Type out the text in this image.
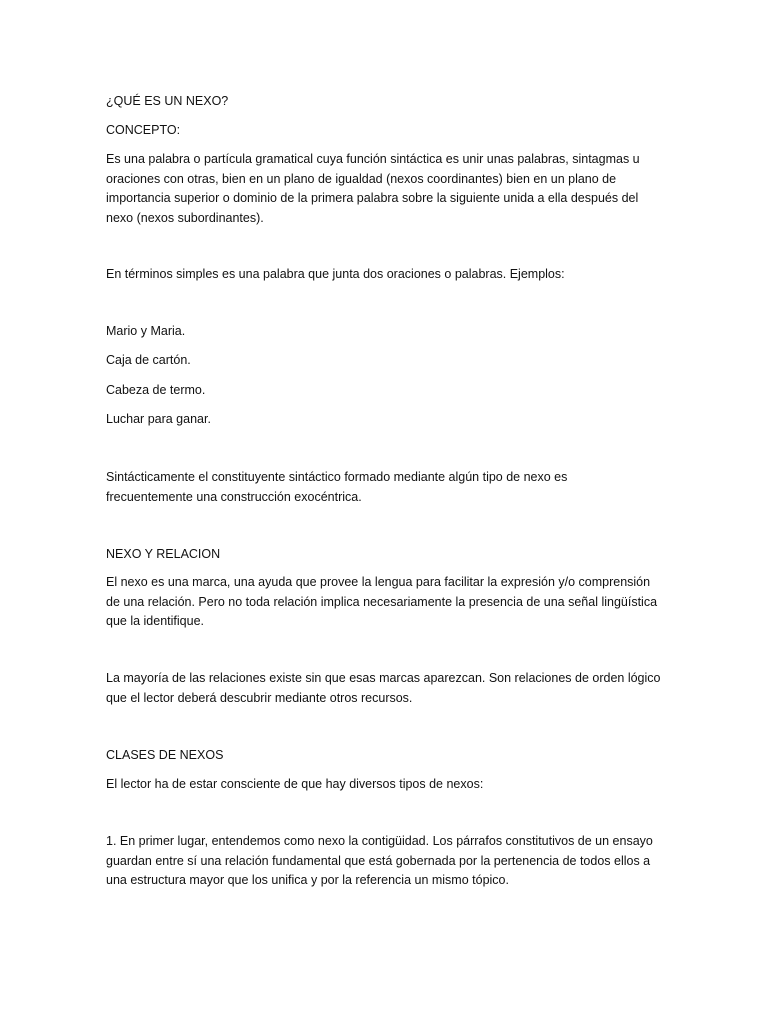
¿QUÉ ES UN NEXO?

CONCEPTO:

Es una palabra o partícula gramatical cuya función sintáctica es unir unas palabras, sintagmas u
oraciones con otras, bien en un plano de igualdad (nexos coordinantes) bien en un plano de
importancia superior o dominio de la primera palabra sobre la siguiente unida a ella después del
nexo (nexos subordinantes).

En términos simples es una palabra que junta dos oraciones o palabras. Ejemplos:

Mario y Maria.

Caja de cartón.

Cabeza de termo.

Luchar para ganar.

Sintácticamente el constituyente sintáctico formado mediante algún tipo de nexo es
frecuentemente una construcción exocéntrica.

NEXO Y RELACION

El nexo es una marca, una ayuda que provee la lengua para facilitar la expresión y/o comprensión
de una relación. Pero no toda relación implica necesariamente la presencia de una señal lingüística
que la identifique.

La mayoría de las relaciones existe sin que esas marcas aparezcan. Son relaciones de orden lógico
que el lector deberá descubrir mediante otros recursos.

CLASES DE NEXOS

El lector ha de estar consciente de que hay diversos tipos de nexos:

1. En primer lugar, entendemos como nexo la contigüidad. Los párrafos constitutivos de un ensayo
guardan entre sí una relación fundamental que está gobernada por la pertenencia de todos ellos a
una estructura mayor que los unifica y por la referencia un mismo tópico.
